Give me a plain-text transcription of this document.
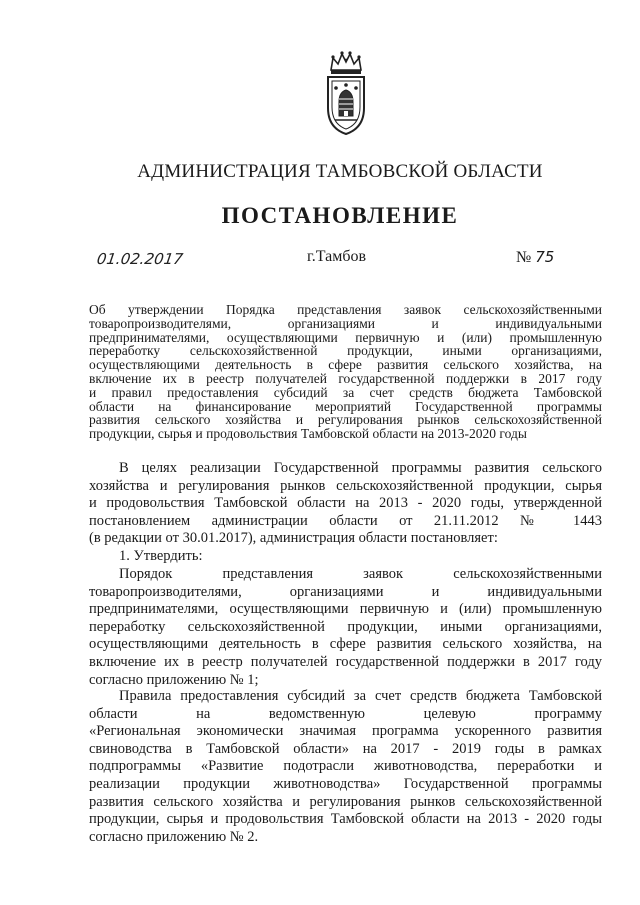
АДМИНИСТРАЦИЯ ТАМБОВСКОЙ ОБЛАСТИ
ПОСТАНОВЛЕНИЕ
01.02.2017	г.Тамбов	№ 75
Об утверждении Порядка представления заявок сельскохозяйственными
товаропроизводителями, организациями и индивидуальными
предпринимателями, осуществляющими первичную и (или) промышленную
переработку сельскохозяйственной продукции, иными организациями,
осуществляющими деятельность в сфере развития сельского хозяйства, на
включение их в реестр получателей государственной поддержки в 2017 году
и правил предоставления субсидий за счет средств бюджета Тамбовской
области на финансирование мероприятий Государственной программы
развития сельского хозяйства и регулирования рынков сельскохозяйственной
продукции, сырья и продовольствия Тамбовской области на 2013-2020 годы
В целях реализации Государственной программы развития сельского
хозяйства и регулирования рынков сельскохозяйственной продукции, сырья
и продовольствия Тамбовской области на 2013 - 2020 годы, утвержденной
постановлением администрации области от 21.11.2012 № 1443
(в редакции от 30.01.2017), администрация области постановляет:
1. Утвердить:
Порядок представления заявок сельскохозяйственными
товаропроизводителями, организациями и индивидуальными
предпринимателями, осуществляющими первичную и (или) промышленную
переработку сельскохозяйственной продукции, иными организациями,
осуществляющими деятельность в сфере развития сельского хозяйства, на
включение их в реестр получателей государственной поддержки в 2017 году
согласно приложению № 1;
Правила предоставления субсидий за счет средств бюджета Тамбовской
области на ведомственную целевую программу
«Региональная экономически значимая программа ускоренного развития
свиноводства в Тамбовской области» на 2017 - 2019 годы в рамках
подпрограммы «Развитие подотрасли животноводства, переработки и
реализации продукции животноводства» Государственной программы
развития сельского хозяйства и регулирования рынков сельскохозяйственной
продукции, сырья и продовольствия Тамбовской области на 2013 - 2020 годы
согласно приложению № 2.
